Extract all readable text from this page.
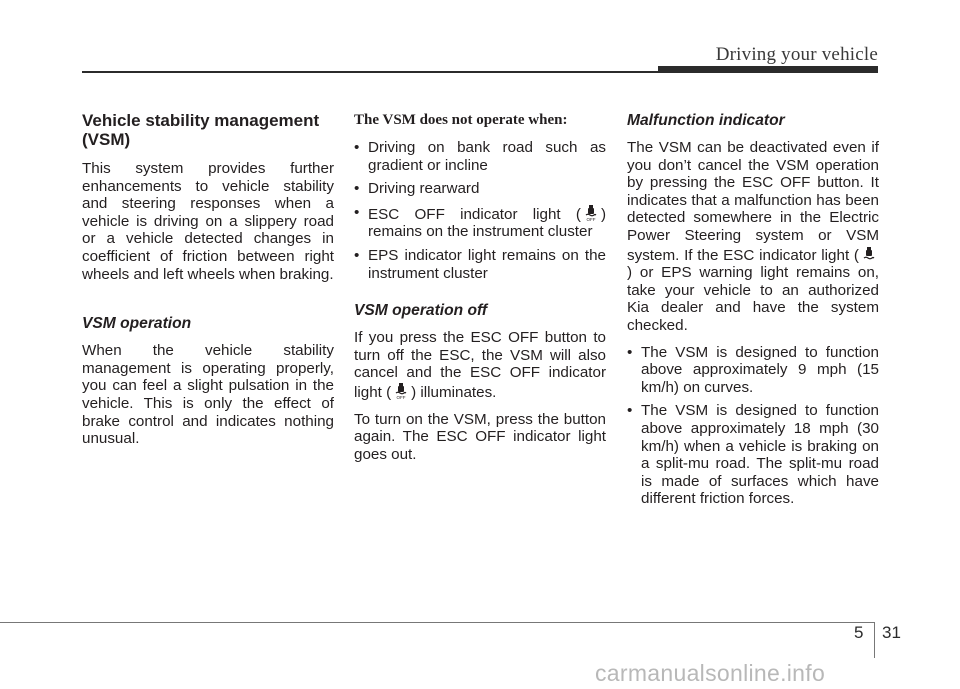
Driving your vehicle
Vehicle stability management (VSM)

This system provides further enhancements to vehicle stability and steering responses when a vehicle is driving on a slippery road or a vehicle detected changes in coefficient of friction between right wheels and left wheels when braking.

VSM operation

When the vehicle stability management is operating properly, you can feel a slight pulsation in the vehicle. This is only the effect of brake control and indicates nothing unusual.

The VSM does not operate when:
• Driving on bank road such as gradient or incline
• Driving rearward
• ESC OFF indicator light ( OFF ) remains on the instrument cluster
• EPS indicator light remains on the instrument cluster
VSM operation off

If you press the ESC OFF button to turn off the ESC, the VSM will also cancel and the ESC OFF indicator light ( OFF ) illuminates.

To turn on the VSM, press the button again. The ESC OFF indicator light goes out.

Malfunction indicator

The VSM can be deactivated even if you don’t cancel the VSM operation by pressing the ESC OFF button. It indicates that a malfunction has been detected somewhere in the Electric Power Steering system or VSM system. If the ESC indicator light () or EPS warning light remains on, take your vehicle to an authorized Kia dealer and have the system checked.

• The VSM is designed to function above approximately 9 mph (15 km/h) on curves.
• The VSM is designed to function above approximately 18 mph (30 km/h) when a vehicle is braking on a split-mu road. The split-mu road is made of surfaces which have different friction forces.
5 31
carmanualsonline.info
